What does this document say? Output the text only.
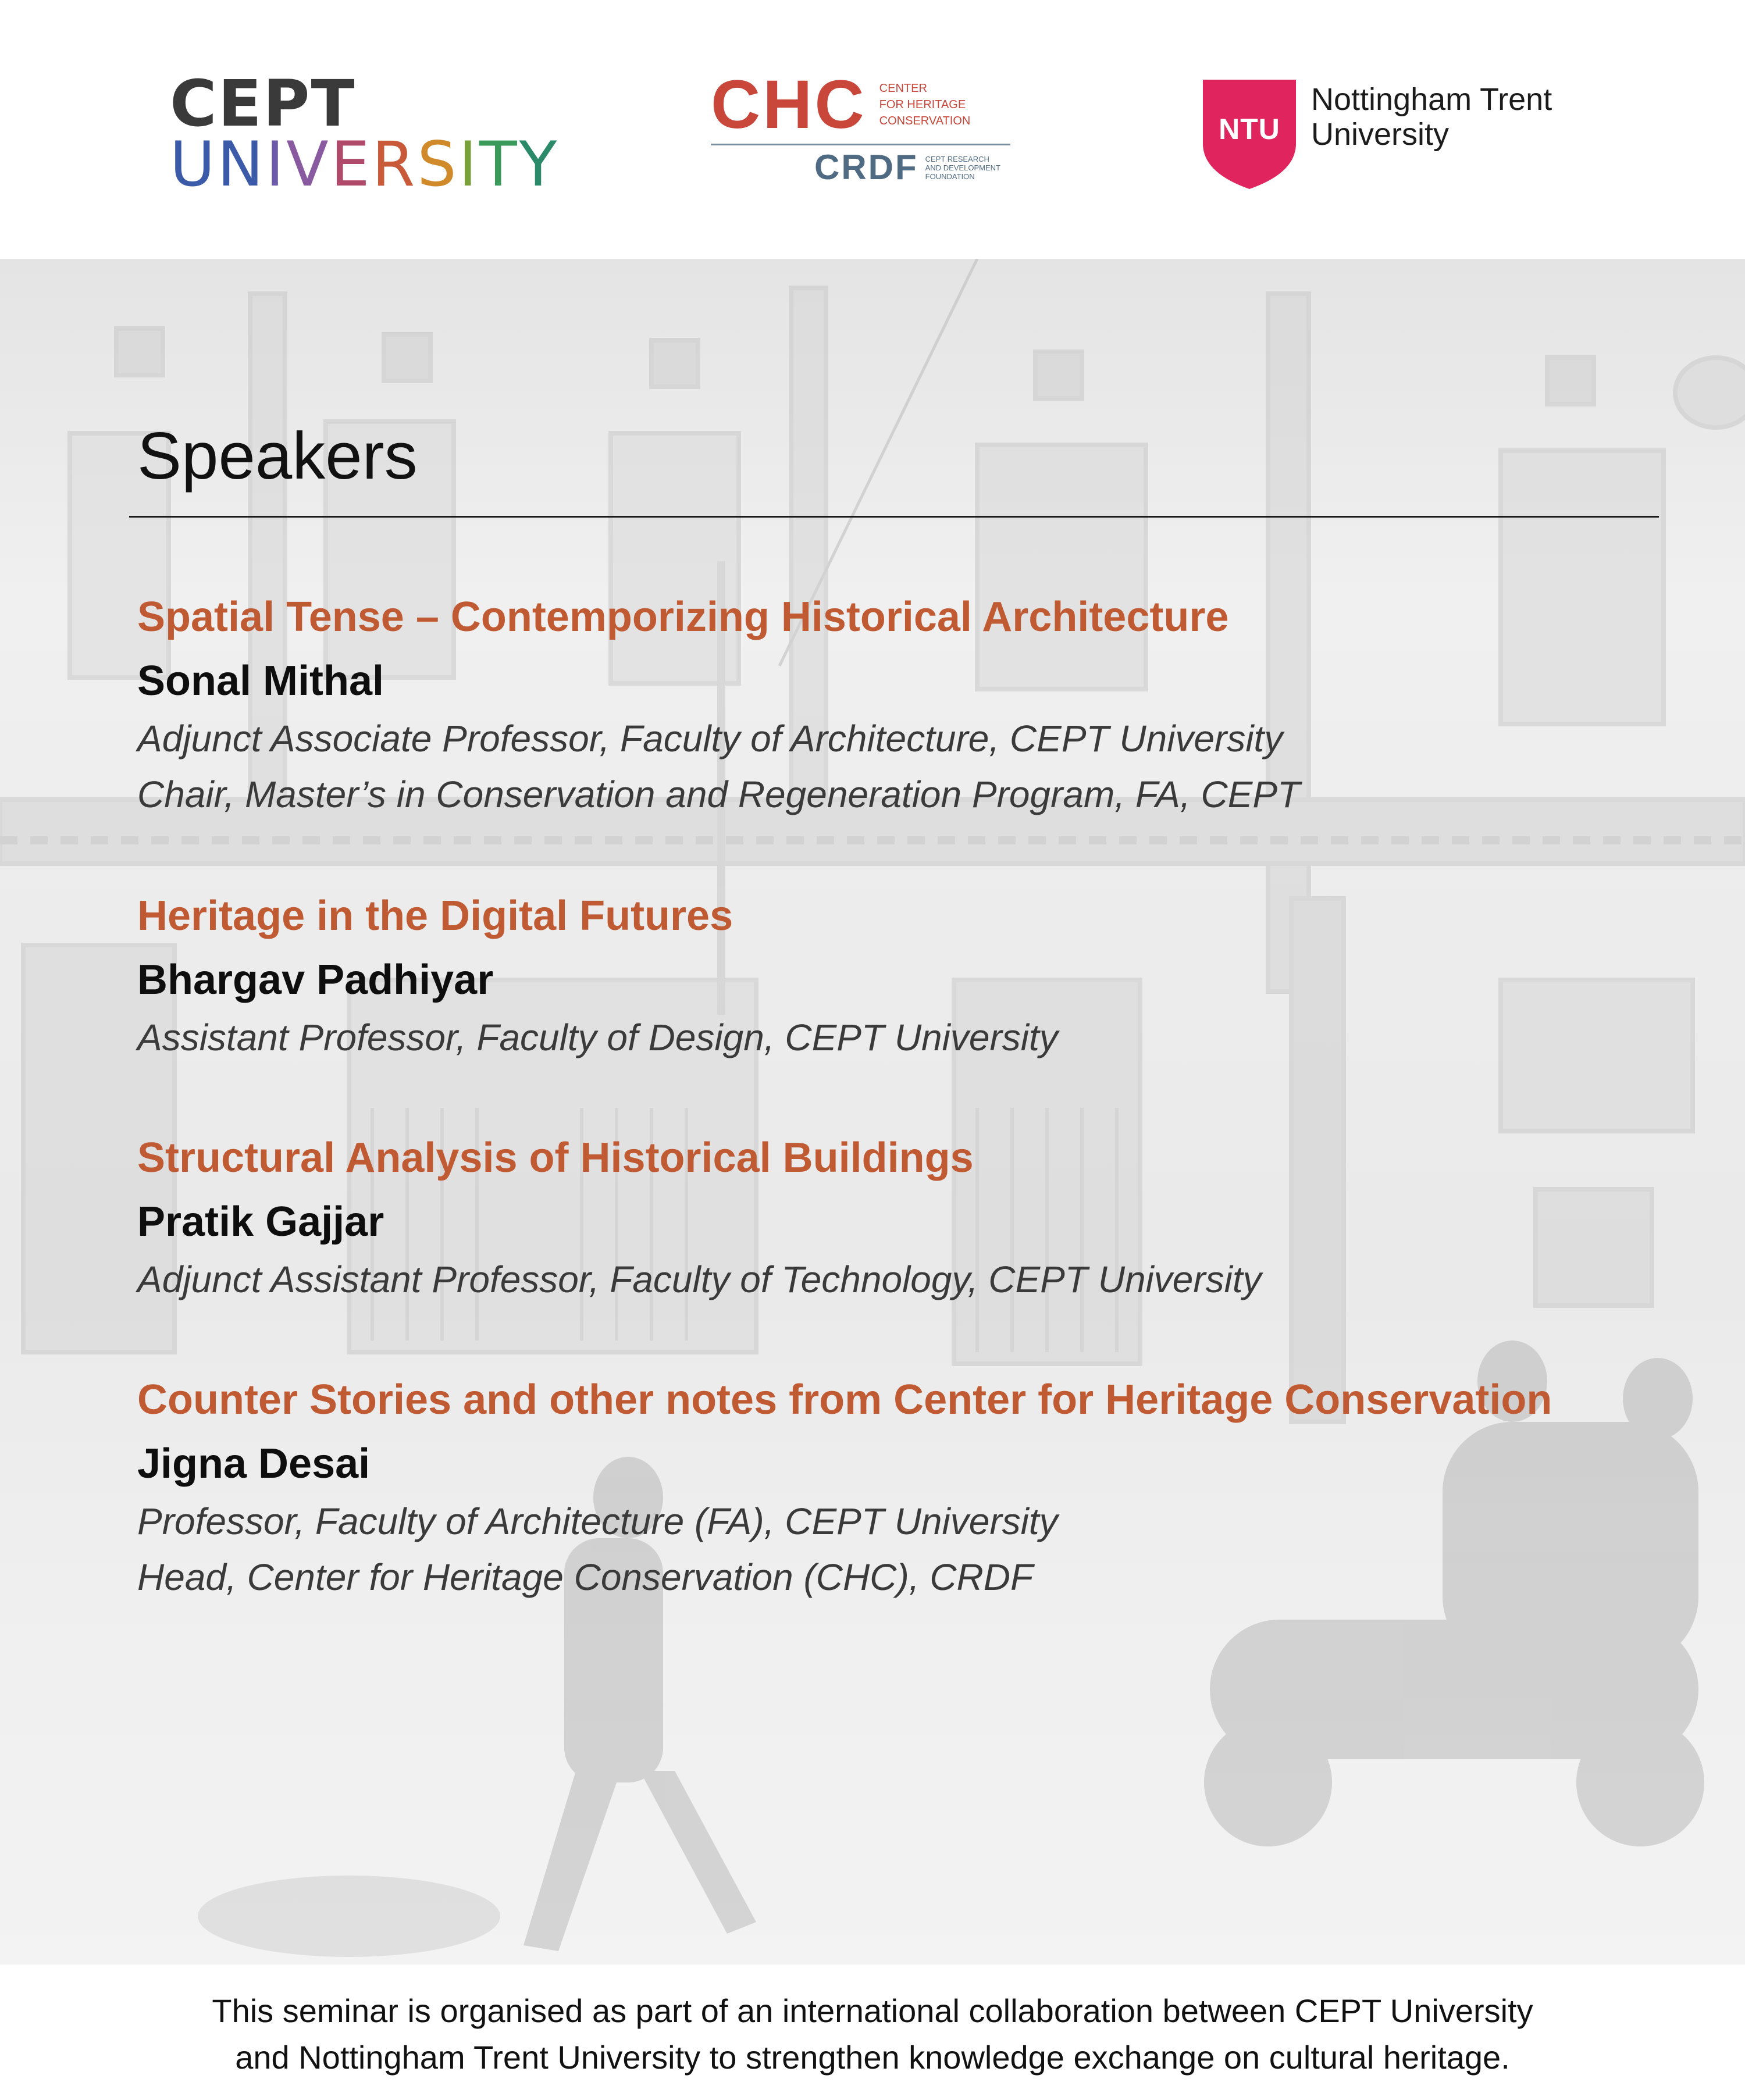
CEPT
UNIVERSITY
CHC CENTER
FOR HERITAGE
CONSERVATION
CRDF CEPT RESEARCH
AND DEVELOPMENT
FOUNDATION
NTU
Nottingham Trent
University
Speakers
Spatial Tense – Contemporizing Historical Architecture
Sonal Mithal
Adjunct Associate Professor, Faculty of Architecture, CEPT University
Chair, Master’s in Conservation and Regeneration Program, FA, CEPT
Heritage in the Digital Futures
Bhargav Padhiyar
Assistant Professor, Faculty of Design, CEPT University
Structural Analysis of Historical Buildings
Pratik Gajjar
Adjunct Assistant Professor, Faculty of Technology, CEPT University
Counter Stories and other notes from Center for Heritage Conservation
Jigna Desai
Professor, Faculty of Architecture (FA), CEPT University
Head, Center for Heritage Conservation (CHC), CRDF
This seminar is organised as part of an international collaboration between CEPT University
and Nottingham Trent University to strengthen knowledge exchange on cultural heritage.
